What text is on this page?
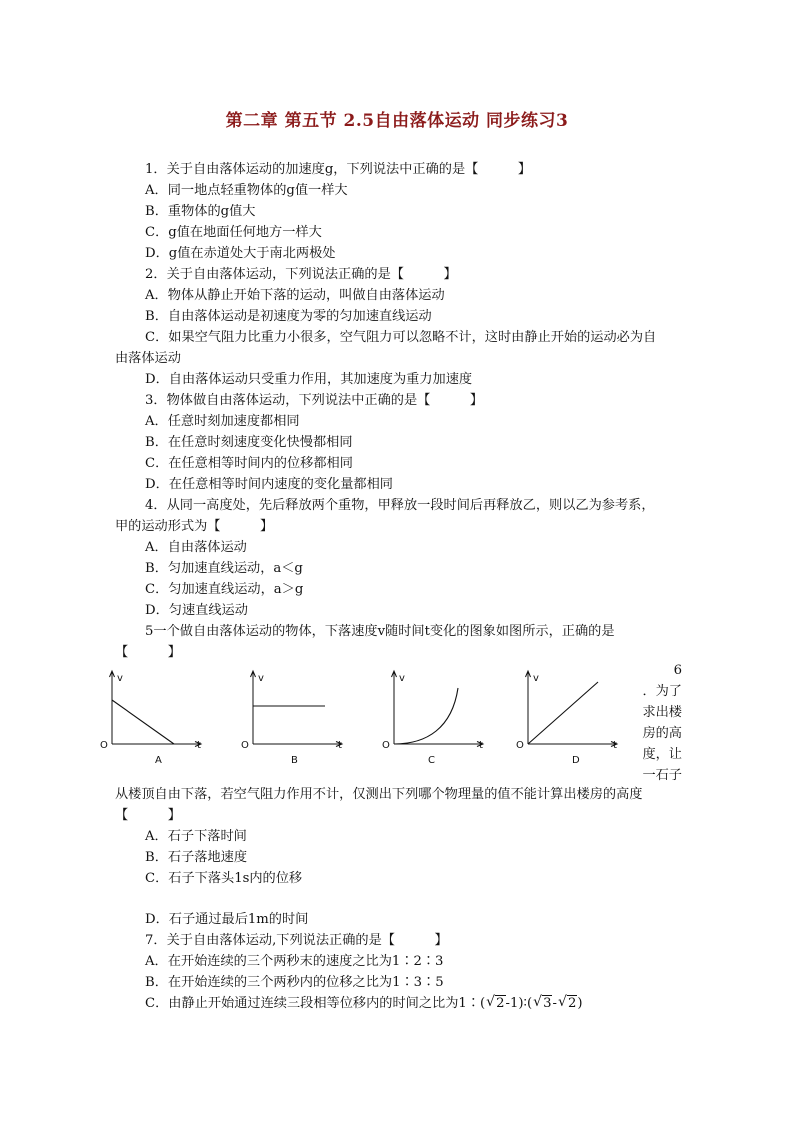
第二章 第五节 2.5自由落体运动 同步练习3
1．关于自由落体运动的加速度g，下列说法中正确的是【　　　】
A．同一地点轻重物体的g值一样大
B．重物体的g值大
C．g值在地面任何地方一样大
D．g值在赤道处大于南北两极处
2．关于自由落体运动，下列说法正确的是【　　　】
A．物体从静止开始下落的运动，叫做自由落体运动
B．自由落体运动是初速度为零的匀加速直线运动
C．如果空气阻力比重力小很多，空气阻力可以忽略不计，这时由静止开始的运动必为自
由落体运动
D．自由落体运动只受重力作用，其加速度为重力加速度
3．物体做自由落体运动，下列说法中正确的是【　　　】
A．任意时刻加速度都相同
B．在任意时刻速度变化快慢都相同
C．在任意相等时间内的位移都相同
D．在任意相等时间内速度的变化量都相同
4．从同一高度处，先后释放两个重物，甲释放一段时间后再释放乙，则以乙为参考系，
甲的运动形式为【　　　】
A．自由落体运动
B．匀加速直线运动，a＜g
C．匀加速直线运动，a＞g
D．匀速直线运动
5一个做自由落体运动的物体，下落速度v随时间t变化的图象如图所示，正确的是
【　　　】
v
O	t
A
v
O	t
B
v
O	t
C
v
O	t
D
6
．为了
求出楼
房的高
度，让
一石子
从楼顶自由下落，若空气阻力作用不计，仅测出下列哪个物理量的值不能计算出楼房的高度
【　　　】
A．石子下落时间
B．石子落地速度
C．石子下落头1s内的位移
D．石子通过最后1m的时间
7．关于自由落体运动,下列说法正确的是【　　　】
A．在开始连续的三个两秒末的速度之比为1∶2∶3
B．在开始连续的三个两秒内的位移之比为1∶3∶5
C．由静止开始通过连续三段相等位移内的时间之比为1∶( √ 2-1)∶( √ 3- √ 2)
